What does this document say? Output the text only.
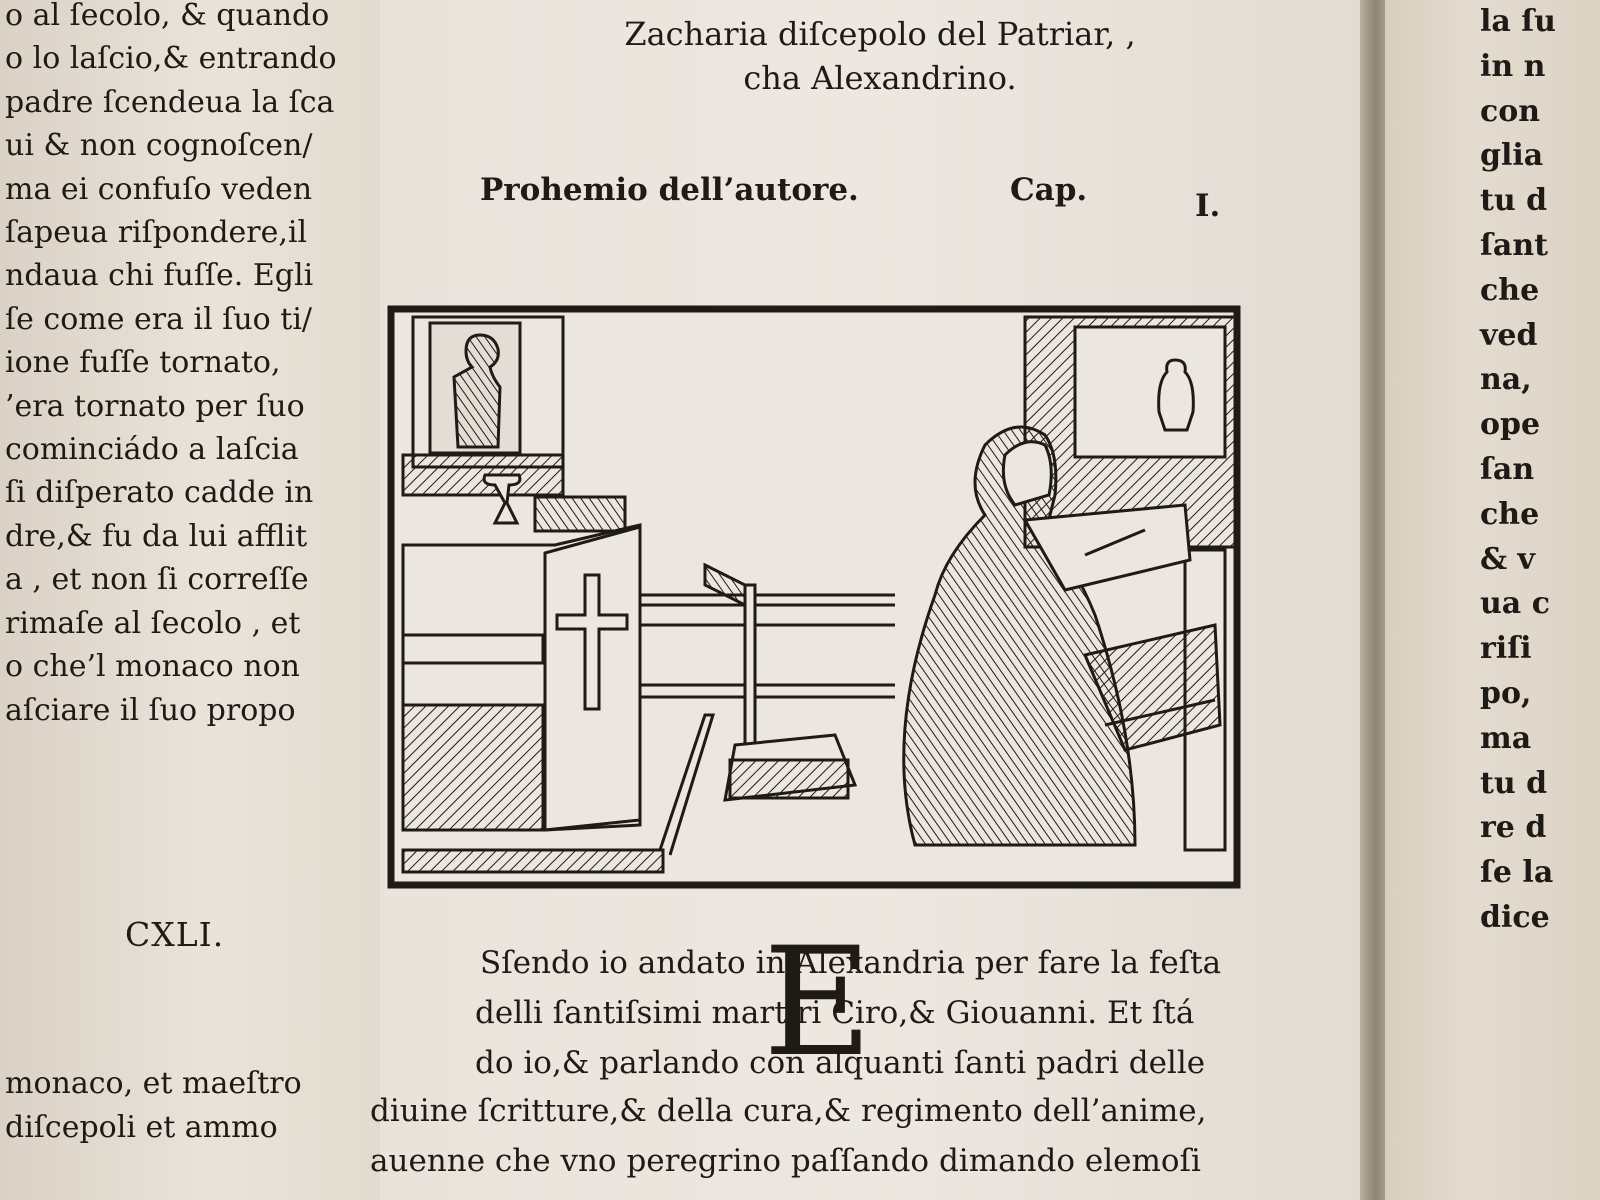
o al ſecolo, & quando
o lo laſcio,& entrando
padre ſcendeua la ſca
ui & non cognoſcen/
ma ei confuſo veden
ſapeua riſpondere,il
ndaua chi fuſſe. Egli
ſe come era il ſuo ti/
ione fuſſe tornato,
’era tornato per ſuo
cominciádo a laſcia
ſi diſperato cadde in
dre,& fu da lui afflit
a , et non ſi correſſe
rimaſe al ſecolo , et
o che’l monaco non
aſciare il ſuo propo
CXLI.
monaco, et maeſtro
diſcepoli et ammo
Zacharia diſcepolo del Patriar, ,
cha Alexandrino.
Prohemio dell’autore.	Cap.	I.
E
Sſendo io andato in Alexandria per fare la feſta
delli ſantiſsimi martiri Ciro,& Giouanni. Et ſtá
do io,& parlando con alquanti ſanti padri delle
diuine ſcritture,& della cura,& regimento dell’anime,
auenne che vno peregrino paſſando dimando elemoſi
la ſu
in n
con
glia
tu d
ſant
che
ved
na,
ope
ſan
che
& v
ua c
riſi
po,
ma
tu d
re d
ſe la
dice
